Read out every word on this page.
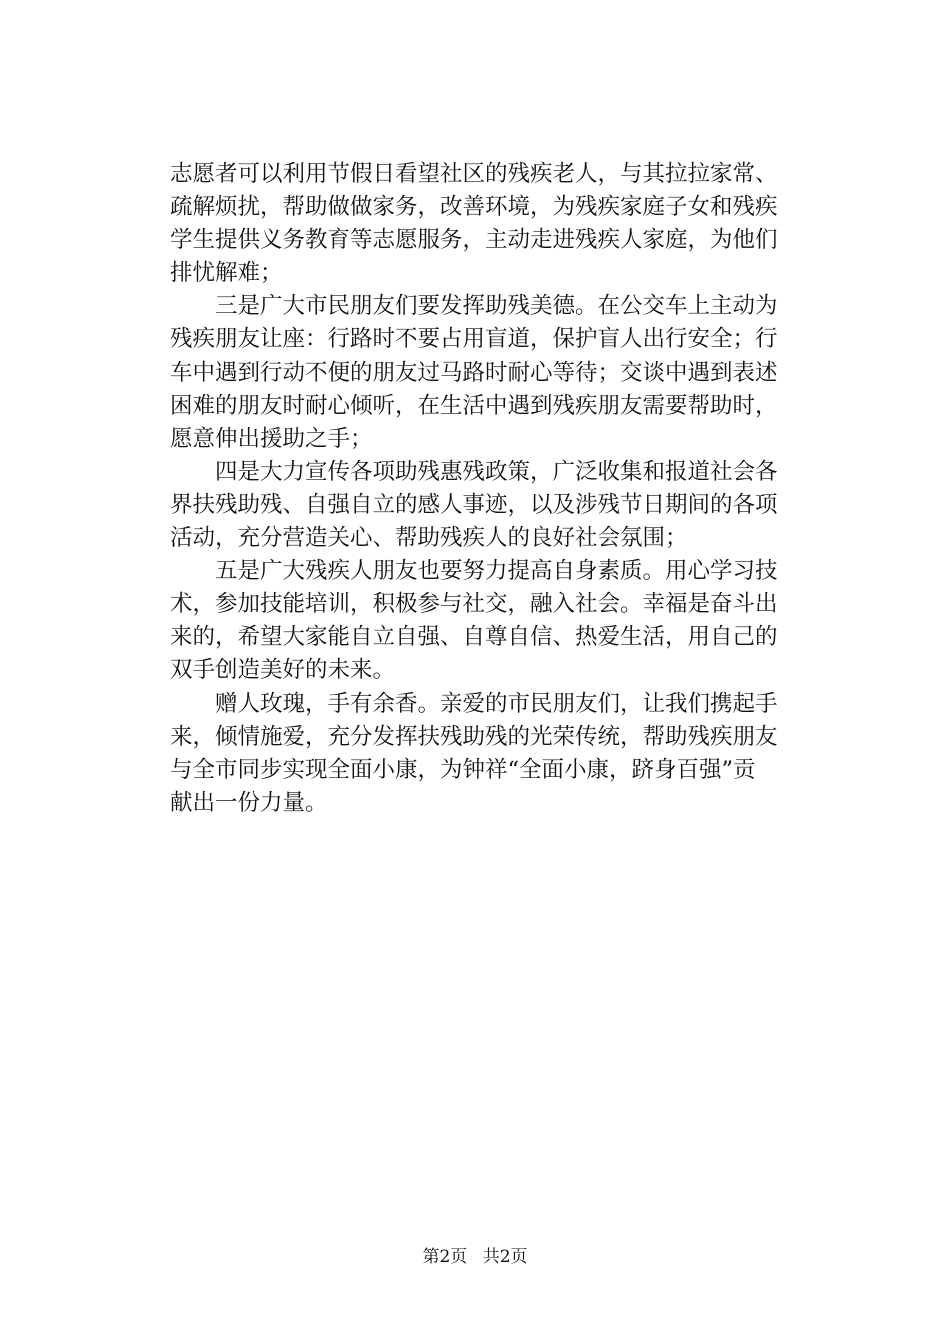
志愿者可以利用节假日看望社区的残疾老人，与其拉拉家常、
疏解烦扰，帮助做做家务，改善环境，为残疾家庭子女和残疾
学生提供义务教育等志愿服务，主动走进残疾人家庭，为他们
排忧解难；
　　三是广大市民朋友们要发挥助残美德。在公交车上主动为
残疾朋友让座：行路时不要占用盲道，保护盲人出行安全；行
车中遇到行动不便的朋友过马路时耐心等待；交谈中遇到表述
困难的朋友时耐心倾听，在生活中遇到残疾朋友需要帮助时，
愿意伸出援助之手；
　　四是大力宣传各项助残惠残政策，广泛收集和报道社会各
界扶残助残、自强自立的感人事迹，以及涉残节日期间的各项
活动，充分营造关心、帮助残疾人的良好社会氛围；
　　五是广大残疾人朋友也要努力提高自身素质。用心学习技
术，参加技能培训，积极参与社交，融入社会。幸福是奋斗出
来的，希望大家能自立自强、自尊自信、热爱生活，用自己的
双手创造美好的未来。
　　赠人玫瑰，手有余香。亲爱的市民朋友们，让我们携起手
来，倾情施爱，充分发挥扶残助残的光荣传统，帮助残疾朋友
与全市同步实现全面小康，为钟祥“全面小康，跻身百强”贡
献出一份力量。
第2页 共2页
